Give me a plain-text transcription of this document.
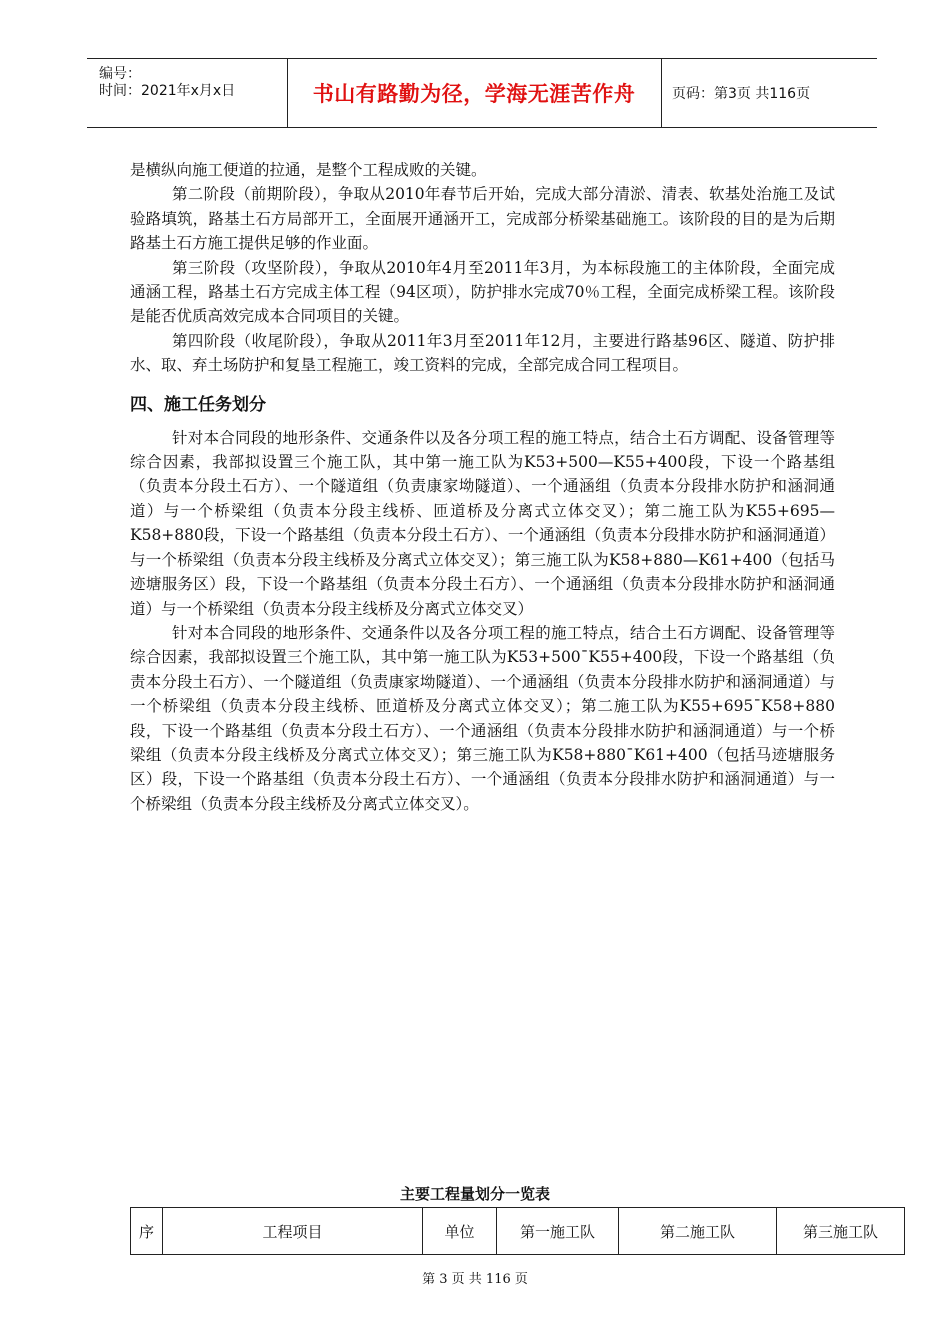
编号：
时间：2021年x月x日	书山有路勤为径，学海无涯苦作舟	页码：第3页 共116页

是横纵向施工便道的拉通，是整个工程成败的关键。

第二阶段（前期阶段），争取从2010年春节后开始，完成大部分清淤、清表、软基处治施工及试验路填筑，路基土石方局部开工，全面展开通涵开工，完成部分桥梁基础施工。该阶段的目的是为后期路基土石方施工提供足够的作业面。

第三阶段（攻坚阶段），争取从2010年4月至2011年3月，为本标段施工的主体阶段，全面完成通涵工程，路基土石方完成主体工程（94区项），防护排水完成70％工程，全面完成桥梁工程。该阶段是能否优质高效完成本合同项目的关键。

第四阶段（收尾阶段），争取从2011年3月至2011年12月，主要进行路基96区、隧道、防护排水、取、弃土场防护和复垦工程施工，竣工资料的完成，全部完成合同工程项目。

四、施工任务划分

针对本合同段的地形条件、交通条件以及各分项工程的施工特点，结合土石方调配、设备管理等综合因素，我部拟设置三个施工队，其中第一施工队为K53+500—K55+400段，下设一个路基组（负责本分段土石方）、一个隧道组（负责康家坳隧道）、一个通涵组（负责本分段排水防护和涵洞通道）与一个桥梁组（负责本分段主线桥、匝道桥及分离式立体交叉）；第二施工队为K55+695—K58+880段，下设一个路基组（负责本分段土石方）、一个通涵组（负责本分段排水防护和涵洞通道）与一个桥梁组（负责本分段主线桥及分离式立体交叉）；第三施工队为K58+880—K61+400（包括马迹塘服务区）段，下设一个路基组（负责本分段土石方）、一个通涵组（负责本分段排水防护和涵洞通道）与一个桥梁组（负责本分段主线桥及分离式立体交叉）

针对本合同段的地形条件、交通条件以及各分项工程的施工特点，结合土石方调配、设备管理等综合因素，我部拟设置三个施工队，其中第一施工队为K53+500¯K55+400段，下设一个路基组（负责本分段土石方）、一个隧道组（负责康家坳隧道）、一个通涵组（负责本分段排水防护和涵洞通道）与一个桥梁组（负责本分段主线桥、匝道桥及分离式立体交叉）；第二施工队为K55+695¯K58+880段，下设一个路基组（负责本分段土石方）、一个通涵组（负责本分段排水防护和涵洞通道）与一个桥梁组（负责本分段主线桥及分离式立体交叉）；第三施工队为K58+880¯K61+400（包括马迹塘服务区）段，下设一个路基组（负责本分段土石方）、一个通涵组（负责本分段排水防护和涵洞通道）与一个桥梁组（负责本分段主线桥及分离式立体交叉）。

主要工程量划分一览表
序	工程项目	单位	第一施工队	第二施工队	第三施工队
第 3 页 共 116 页
